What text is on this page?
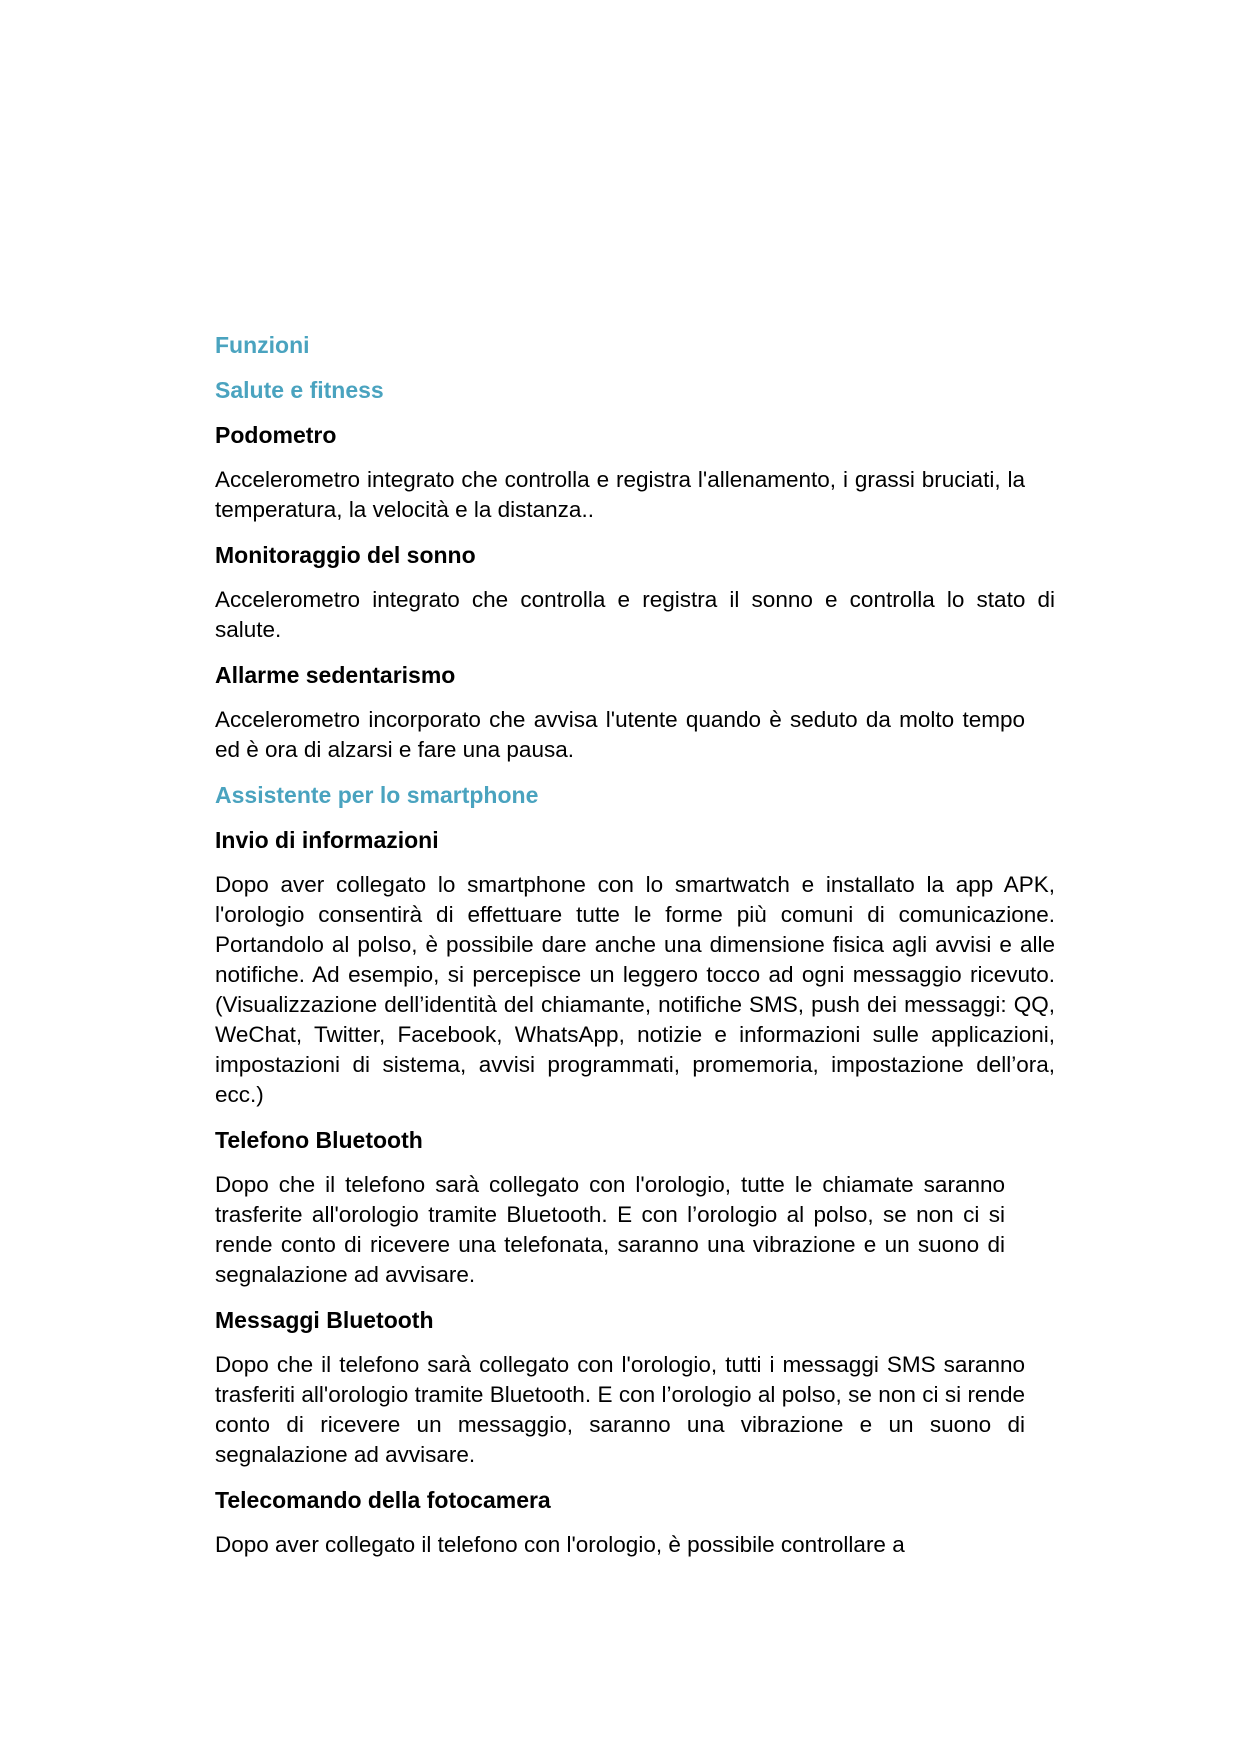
Funzioni
Salute e fitness
Podometro
Accelerometro integrato che controlla e registra l'allenamento, i grassi bruciati, la temperatura, la velocità e la distanza..
Monitoraggio del sonno
Accelerometro integrato che controlla e registra il sonno e controlla lo stato di salute.
Allarme sedentarismo
Accelerometro incorporato che avvisa l'utente quando è seduto da molto tempo ed è ora di alzarsi e fare una pausa.
Assistente per lo smartphone
Invio di informazioni
Dopo aver collegato lo smartphone con lo smartwatch e installato la app APK, l'orologio consentirà di effettuare tutte le forme più comuni di comunicazione. Portandolo al polso, è possibile dare anche una dimensione fisica agli avvisi e alle notifiche. Ad esempio, si percepisce un leggero tocco ad ogni messaggio ricevuto. (Visualizzazione dell’identità del chiamante, notifiche SMS, push dei messaggi: QQ, WeChat, Twitter, Facebook, WhatsApp, notizie e informazioni sulle applicazioni, impostazioni di sistema, avvisi programmati, promemoria, impostazione dell’ora, ecc.)
Telefono Bluetooth
Dopo che il telefono sarà collegato con l'orologio, tutte le chiamate saranno trasferite all'orologio tramite Bluetooth. E con l’orologio al polso, se non ci si rende conto di ricevere una telefonata, saranno una vibrazione e un suono di segnalazione ad avvisare.
Messaggi Bluetooth
Dopo che il telefono sarà collegato con l'orologio, tutti i messaggi SMS saranno trasferiti all'orologio tramite Bluetooth. E con l’orologio al polso, se non ci si rende conto di ricevere un messaggio, saranno una vibrazione e un suono di segnalazione ad avvisare.
Telecomando della fotocamera
Dopo aver collegato il telefono con l'orologio, è possibile controllare a
